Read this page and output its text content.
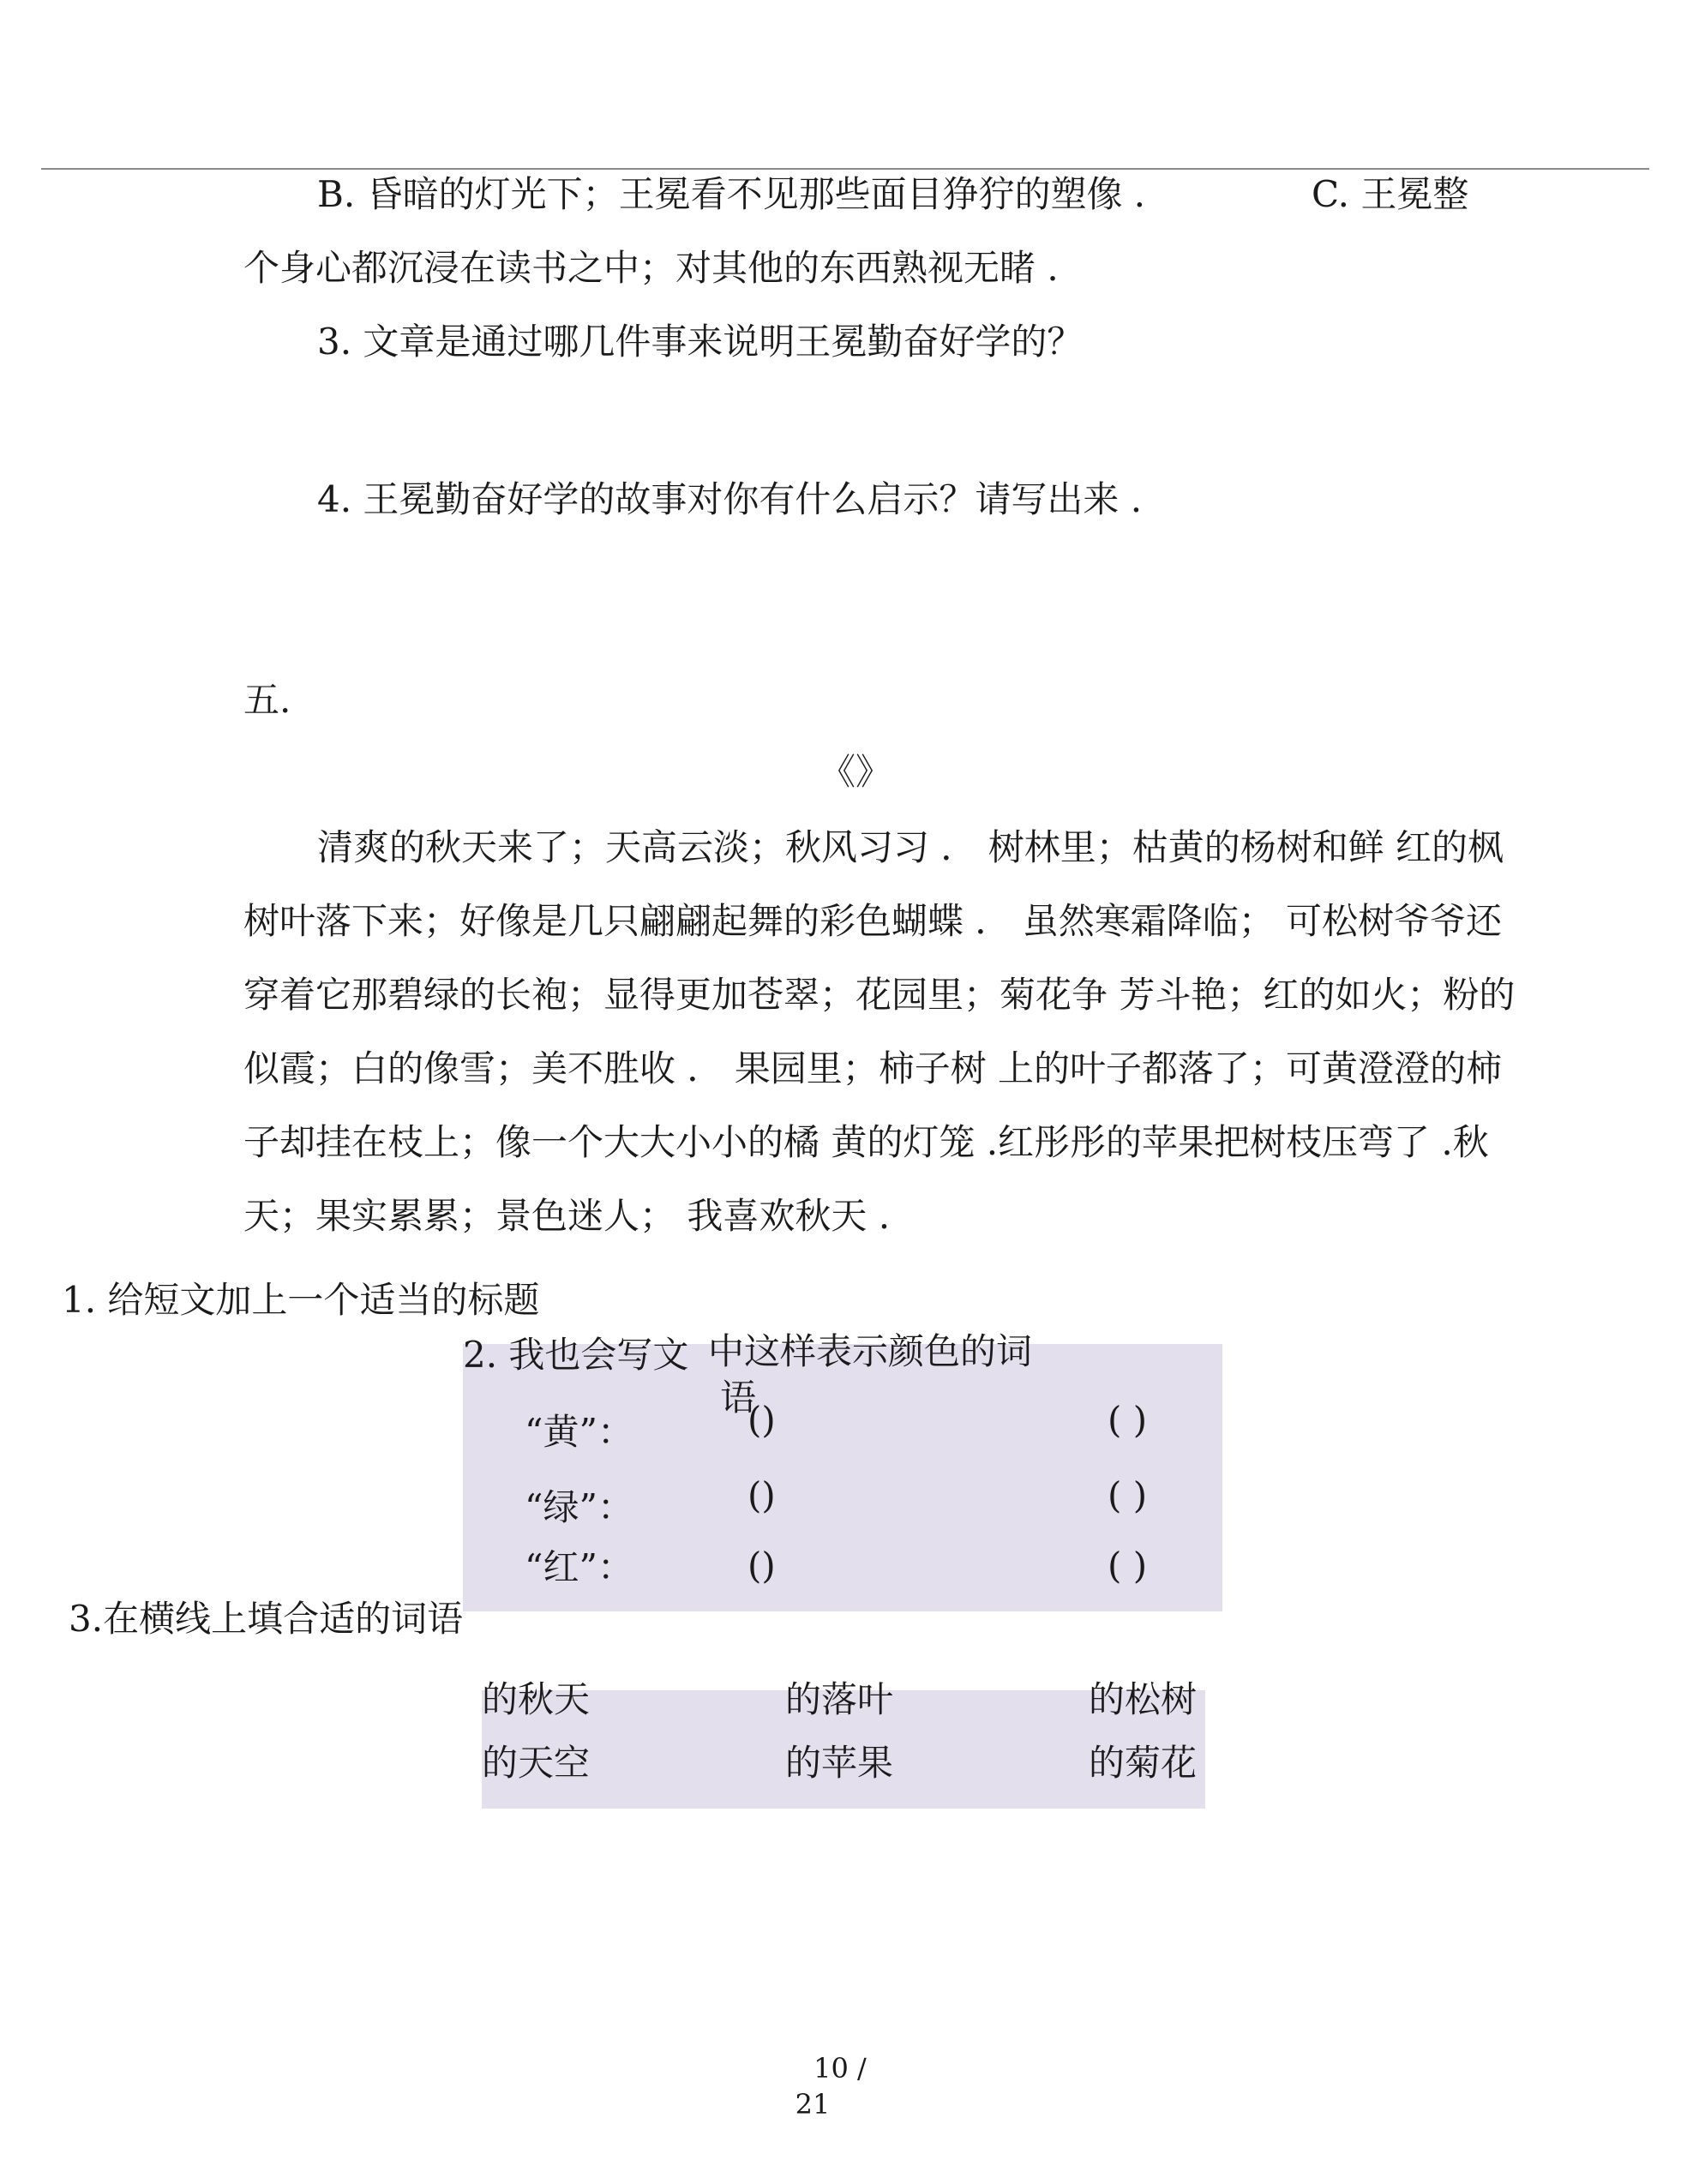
B. 昏暗的灯光下；王冕看不见那些面目狰狞的塑像 ．	C. 王冕整
个身心都沉浸在读书之中；对其他的东西熟视无睹 .
3. 文章是通过哪几件事来说明王冕勤奋好学的？
4. 王冕勤奋好学的故事对你有什么启示？请写出来 .
五.
《》
清爽的秋天来了；天高云淡；秋风习习 ． 树林里；枯黄的杨树和鲜 红的枫
树叶落下来；好像是几只翩翩起舞的彩色蝴蝶 ． 虽然寒霜降临； 可松树爷爷还
穿着它那碧绿的长袍；显得更加苍翠；花园里；菊花争 芳斗艳；红的如火；粉的
似霞；白的像雪；美不胜收 ． 果园里；柿子树 上的叶子都落了；可黄澄澄的柿
子却挂在枝上；像一个大大小小的橘 黄的灯笼 .红彤彤的苹果把树枝压弯了 .秋
天；果实累累；景色迷人； 我喜欢秋天 .
1. 给短文加上一个适当的标题
2. 我也会写文 中这样表示颜色的词
语
“黄”：	()	( )
“绿”：	()	( )
“红”：	()	( )
3.在横线上填合适的词语
的秋天	的落叶	的松树
的天空	的苹果	的菊花
10 /
21
